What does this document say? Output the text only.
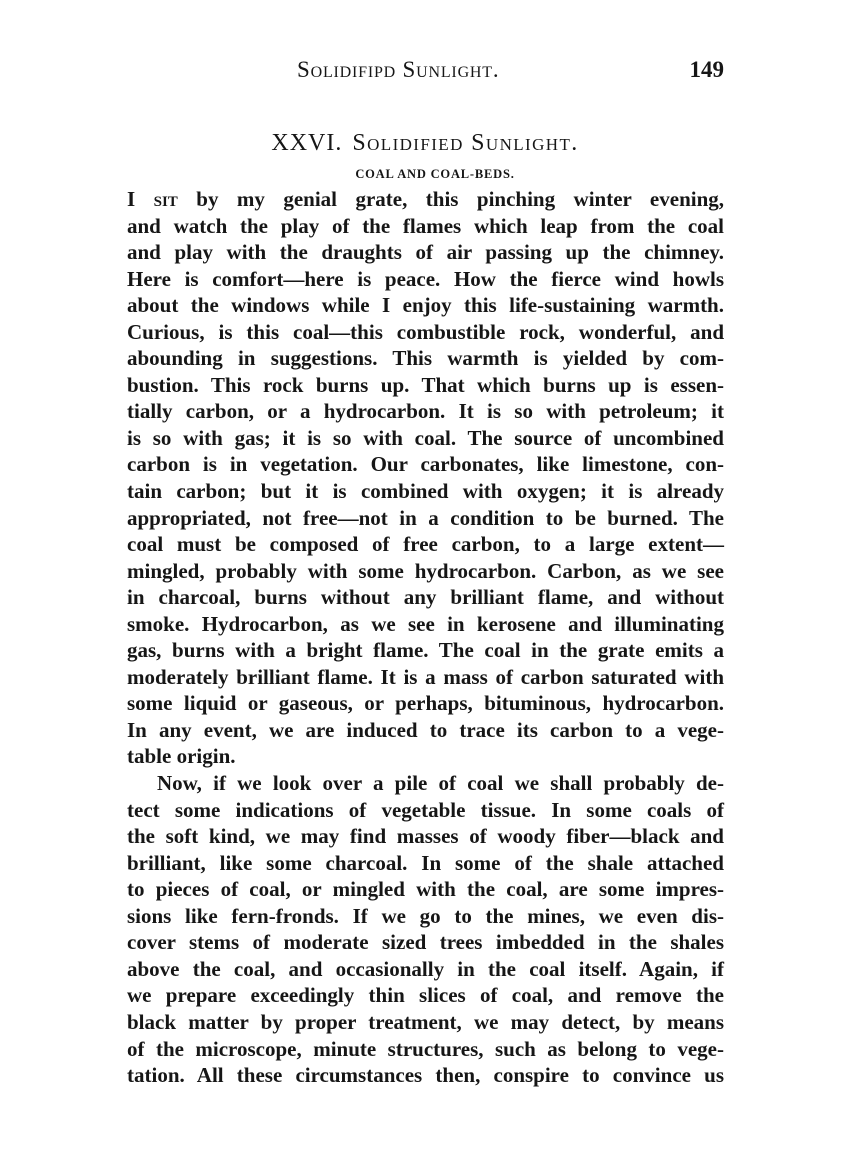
Solidifipd Sunlight.	149
XXVI. Solidified Sunlight.
COAL AND COAL-BEDS.
I sit by my genial grate, this pinching winter evening,
and watch the play of the flames which leap from the coal
and play with the draughts of air passing up the chimney.
Here is comfort—here is peace. How the fierce wind howls
about the windows while I enjoy this life-sustaining warmth.
Curious, is this coal—this combustible rock, wonderful, and
abounding in suggestions. This warmth is yielded by com-
bustion. This rock burns up. That which burns up is essen-
tially carbon, or a hydrocarbon. It is so with petroleum; it
is so with gas; it is so with coal. The source of uncombined
carbon is in vegetation. Our carbonates, like limestone, con-
tain carbon; but it is combined with oxygen; it is already
appropriated, not free—not in a condition to be burned. The
coal must be composed of free carbon, to a large extent—
mingled, probably with some hydrocarbon. Carbon, as we see
in charcoal, burns without any brilliant flame, and without
smoke. Hydrocarbon, as we see in kerosene and illuminating
gas, burns with a bright flame. The coal in the grate emits a
moderately brilliant flame. It is a mass of carbon saturated with
some liquid or gaseous, or perhaps, bituminous, hydrocarbon.
In any event, we are induced to trace its carbon to a vege-
table origin.
Now, if we look over a pile of coal we shall probably de-
tect some indications of vegetable tissue. In some coals of
the soft kind, we may find masses of woody fiber—black and
brilliant, like some charcoal. In some of the shale attached
to pieces of coal, or mingled with the coal, are some impres-
sions like fern-fronds. If we go to the mines, we even dis-
cover stems of moderate sized trees imbedded in the shales
above the coal, and occasionally in the coal itself. Again, if
we prepare exceedingly thin slices of coal, and remove the
black matter by proper treatment, we may detect, by means
of the microscope, minute structures, such as belong to vege-
tation. All these circumstances then, conspire to convince us
